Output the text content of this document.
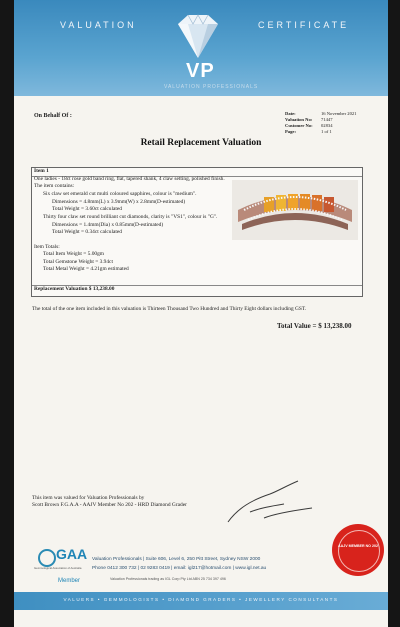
VALUATION	CERTIFICATE
VP
VALUATION PROFESSIONALS
On Behalf Of :	Date:	16 November 2021
Valuation No: 71447
Customer No: 02834
Page:	1 of 1
Retail Replacement Valuation
Item 1
One ladies - 18ct rose gold band ring, flat, tapered shank, 4 claw setting, polished finish.
The item contains:
Six claw set emerald cut multi coloured sapphires, colour is "medium".
Dimensions = 4.8mm(L) x 3.9mm(W) x 2.8mm(D-estimated)
Total Weight = 3.60ct calculated
Thirty four claw set round brilliant cut diamonds, clarity is "VS1", colour is "G".
Dimensions = 1.4mm(Dia) x 0.85mm(D-estimated)
Total Weight = 0.34ct calculated
Item Totals:
Total Item Weight = 5.00gm
Total Gemstone Weight = 3.94ct
Total Metal Weight = 4.21gm estimated
Replacement Valuation $ 13,238.00
The total of the one item included in this valuation is Thirteen Thousand Two Hundred and Thirty Eight dollars including GST.
Total Value = $ 13,238.00
This item was valued for Valuation Professionals by
Scott Brown F.G.A.A - AAJV Member No 202 - HRD Diamond Grader
AAJV MEMBER NO 202
GAA
Gemmological Association of Australia
Member
Valuation Professionals | Suite 606, Level 6, 250 Pitt Street, Sydney NSW 2000
Phone 0412 300 732 | 02 9283 0419 | email: igl217@hotmail.com | www.igl.net.au
Valuation Professionals trading as IGL Corp Pty Ltd ABN 25 734 397 496
VALUERS • GEMMOLOGISTS • DIAMOND GRADERS • JEWELLERY CONSULTANTS
